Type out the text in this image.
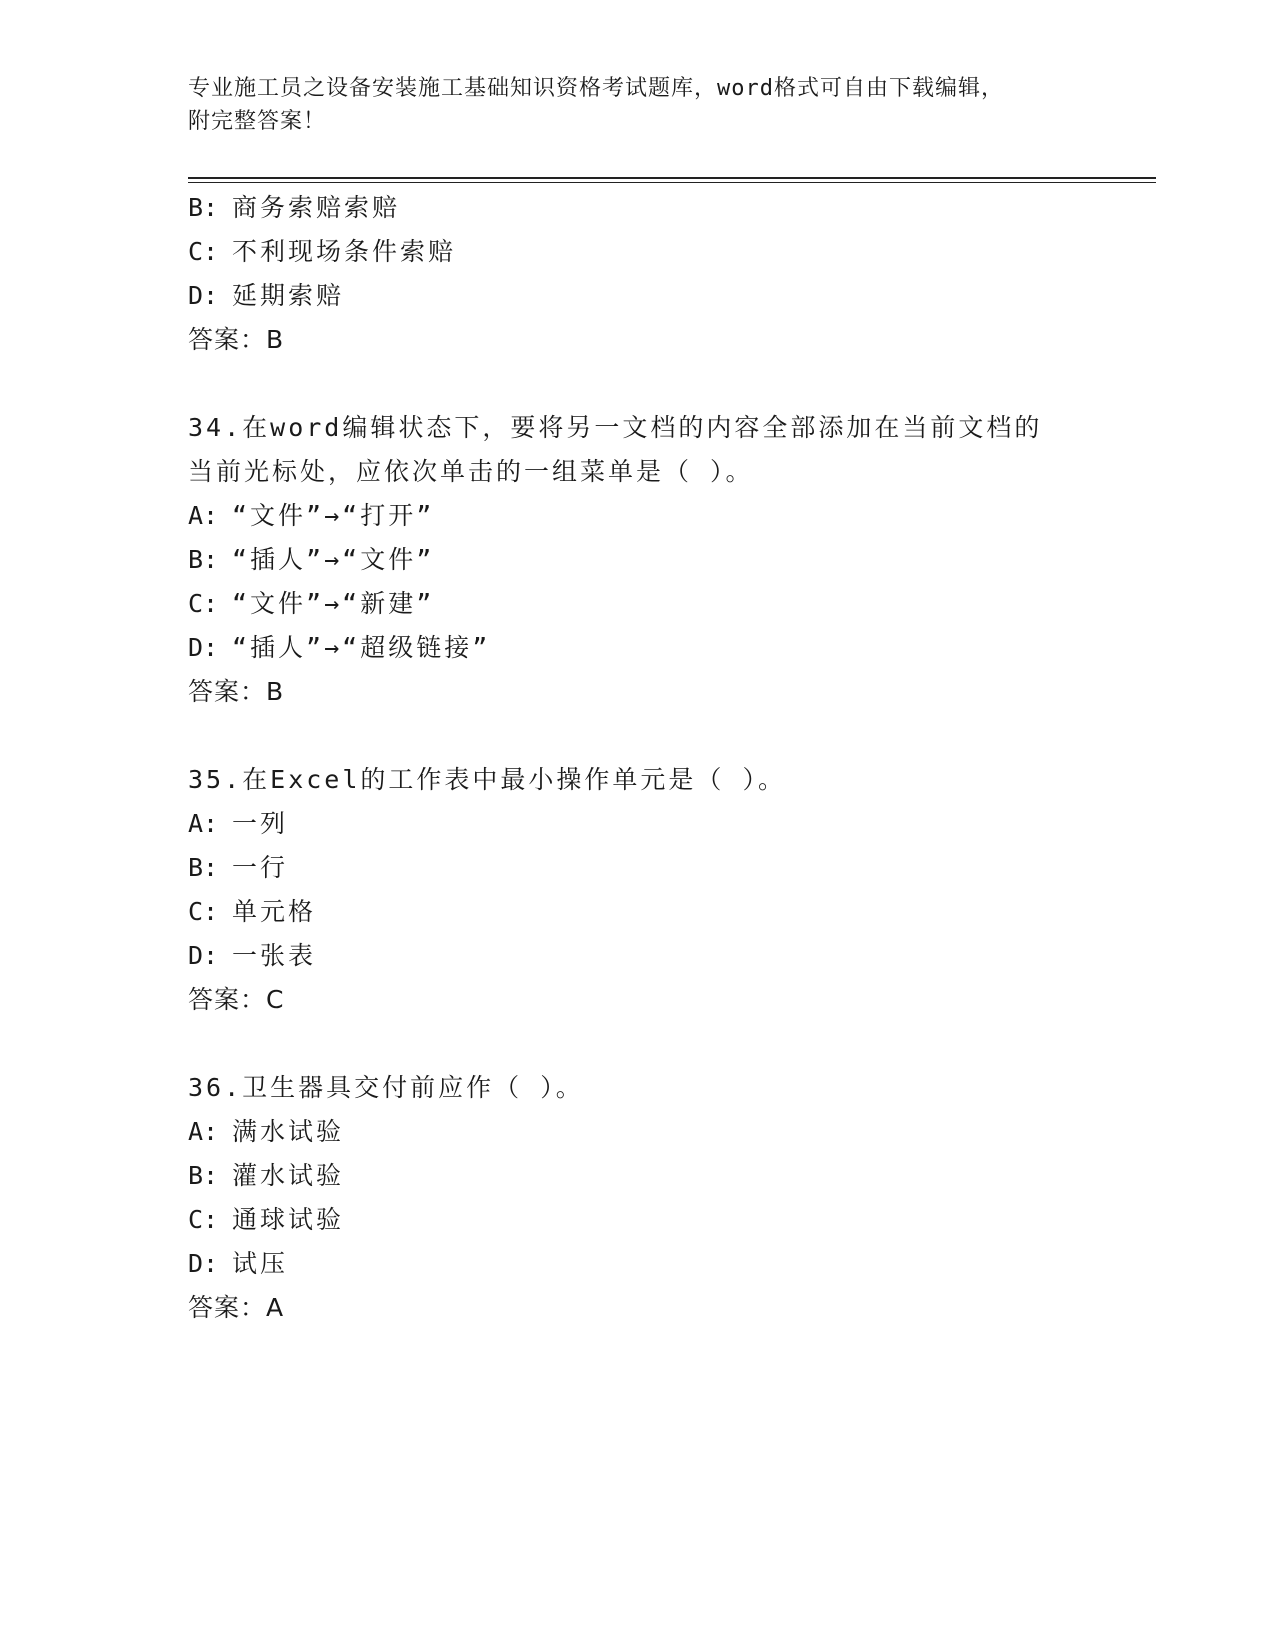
专业施工员之设备安装施工基础知识资格考试题库，word格式可自由下载编辑，
附完整答案！
B: 商务索赔索赔
C: 不利现场条件索赔
D: 延期索赔
答案：B
34.在word编辑状态下，要将另一文档的内容全部添加在当前文档的
当前光标处，应依次单击的一组菜单是（ ）。
A: “文件”→“打开”
B: “插人”→“文件”
C: “文件”→“新建”
D: “插人”→“超级链接”
答案：B
35.在Excel的工作表中最小操作单元是（ ）。
A: 一列
B: 一行
C: 单元格
D: 一张表
答案：C
36.卫生器具交付前应作（ ）。
A: 满水试验
B: 灌水试验
C: 通球试验
D: 试压
答案：A
